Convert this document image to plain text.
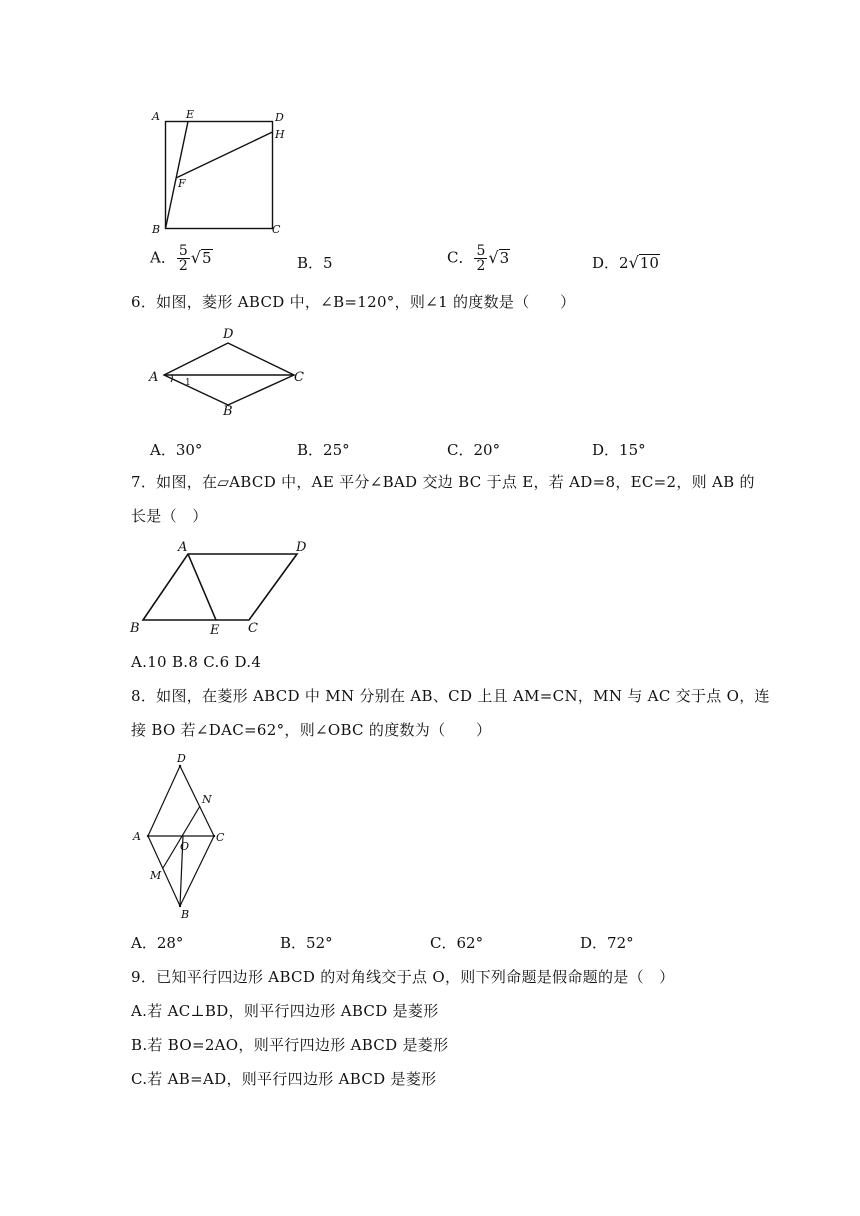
A E	D
H
F
B	C
A． $\frac{5}{2} √5$	B．5	C． $\frac{5}{2} √3$	D．2√10
6．如图，菱形 ABCD 中，∠B=120°，则∠1 的度数是（　　）
D
A	C
B
1
A．30°	B．25°	C．20°	D．15°
7．如图，在▱ABCD 中，AE 平分∠BAD 交边 BC 于点 E，若 AD=8，EC=2，则 AB 的
长是（　）
A	D
B	E C
A.10 B.8 C.6 D.4
8．如图，在菱形 ABCD 中 MN 分别在 AB、CD 上且 AM=CN，MN 与 AC 交于点 O，连
接 BO 若∠DAC=62°，则∠OBC 的度数为（　　）
D
N
A
O
C
M
B
A．28°	B．52°	C．62°	D．72°
9．已知平行四边形 ABCD 的对角线交于点 O，则下列命题是假命题的是（　）
A.若 AC⊥BD，则平行四边形 ABCD 是菱形
B.若 BO=2AO，则平行四边形 ABCD 是菱形
C.若 AB=AD，则平行四边形 ABCD 是菱形
